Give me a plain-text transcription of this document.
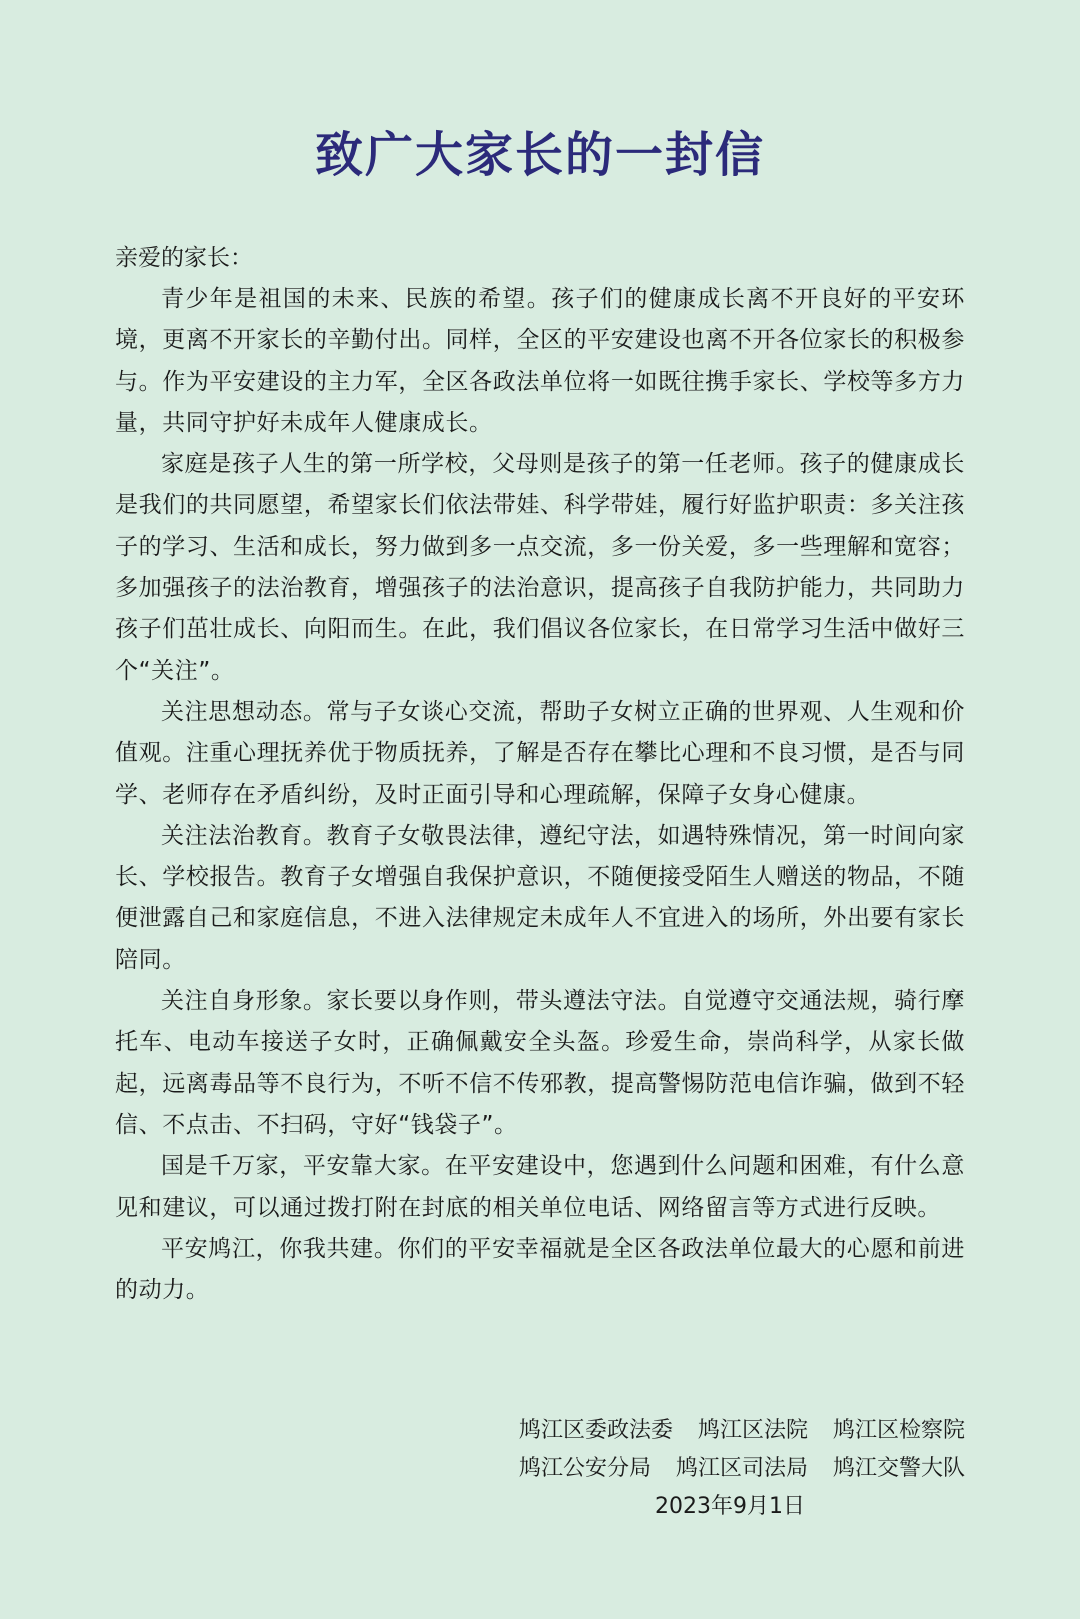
致广大家长的一封信

亲爱的家长：

青少年是祖国的未来、民族的希望。孩子们的健康成长离不开良好的平安环境，更离不开家长的辛勤付出。同样，全区的平安建设也离不开各位家长的积极参与。作为平安建设的主力军，全区各政法单位将一如既往携手家长、学校等多方力量，共同守护好未成年人健康成长。

家庭是孩子人生的第一所学校，父母则是孩子的第一任老师。孩子的健康成长是我们的共同愿望，希望家长们依法带娃、科学带娃，履行好监护职责：多关注孩子的学习、生活和成长，努力做到多一点交流，多一份关爱，多一些理解和宽容；多加强孩子的法治教育，增强孩子的法治意识，提高孩子自我防护能力，共同助力孩子们茁壮成长、向阳而生。在此，我们倡议各位家长，在日常学习生活中做好三个“关注”。

关注思想动态。常与子女谈心交流，帮助子女树立正确的世界观、人生观和价值观。注重心理抚养优于物质抚养，了解是否存在攀比心理和不良习惯，是否与同学、老师存在矛盾纠纷，及时正面引导和心理疏解，保障子女身心健康。

关注法治教育。教育子女敬畏法律，遵纪守法，如遇特殊情况，第一时间向家长、学校报告。教育子女增强自我保护意识，不随便接受陌生人赠送的物品，不随便泄露自己和家庭信息，不进入法律规定未成年人不宜进入的场所，外出要有家长陪同。

关注自身形象。家长要以身作则，带头遵法守法。自觉遵守交通法规，骑行摩托车、电动车接送子女时，正确佩戴安全头盔。珍爱生命，崇尚科学，从家长做起，远离毒品等不良行为，不听不信不传邪教，提高警惕防范电信诈骗，做到不轻信、不点击、不扫码，守好“钱袋子”。

国是千万家，平安靠大家。在平安建设中，您遇到什么问题和困难，有什么意见和建议，可以通过拨打附在封底的相关单位电话、网络留言等方式进行反映。

平安鸠江，你我共建。你们的平安幸福就是全区各政法单位最大的心愿和前进的动力。

鸠江区委政法委 鸠江区法院 鸠江区检察院
鸠江公安分局 鸠江区司法局 鸠江交警大队
2023年9月1日
